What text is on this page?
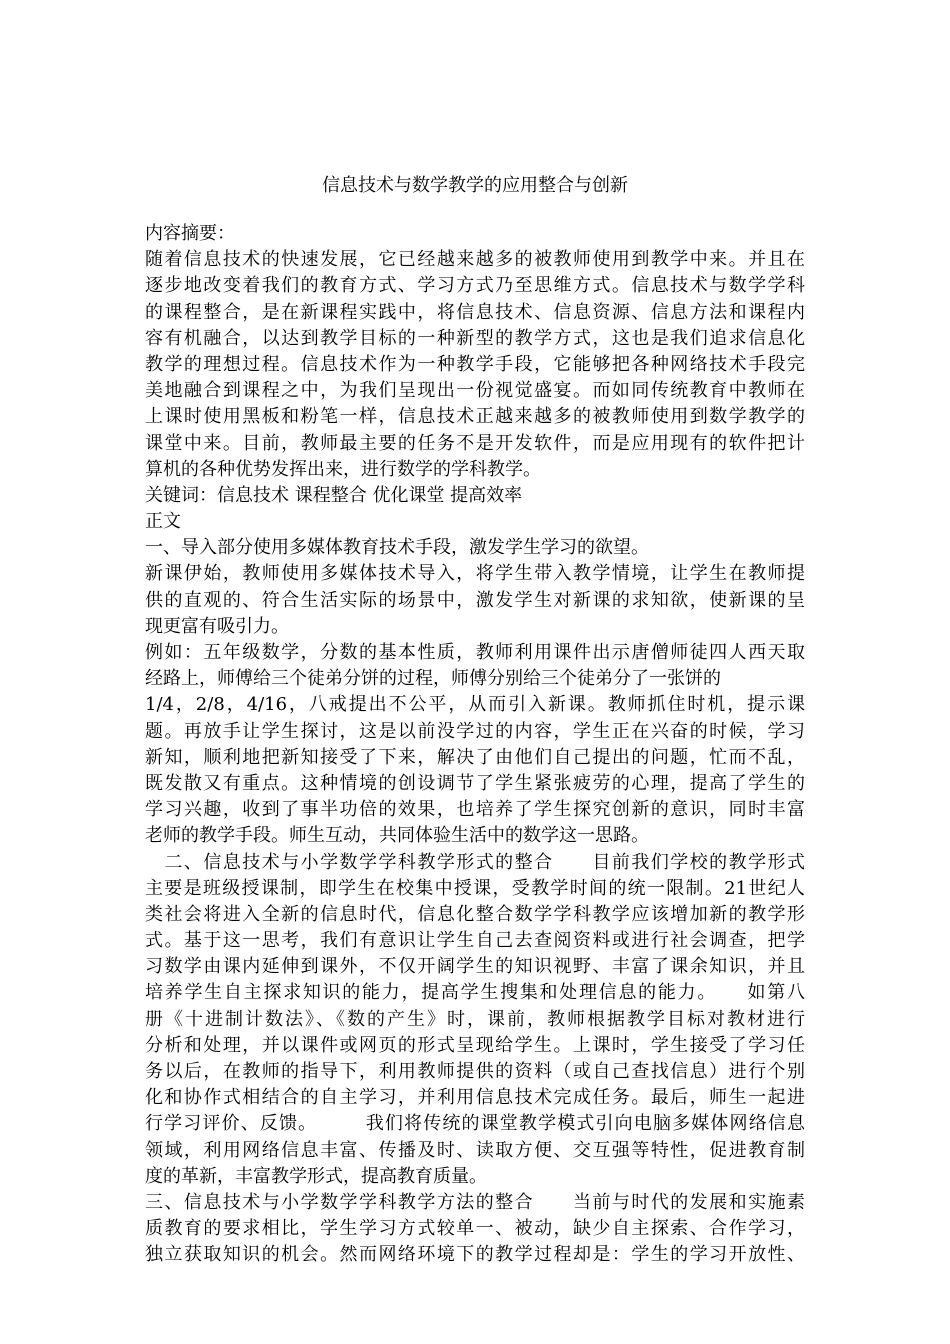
信息技术与数学教学的应用整合与创新
内容摘要：
随着信息技术的快速发展，它已经越来越多的被教师使用到教学中来。并且在
逐步地改变着我们的教育方式、学习方式乃至思维方式。信息技术与数学学科
的课程整合，是在新课程实践中，将信息技术、信息资源、信息方法和课程内
容有机融合，以达到教学目标的一种新型的教学方式，这也是我们追求信息化
教学的理想过程。信息技术作为一种教学手段，它能够把各种网络技术手段完
美地融合到课程之中，为我们呈现出一份视觉盛宴。而如同传统教育中教师在
上课时使用黑板和粉笔一样，信息技术正越来越多的被教师使用到数学教学的
课堂中来。目前，教师最主要的任务不是开发软件，而是应用现有的软件把计
算机的各种优势发挥出来，进行数学的学科教学。
关键词：信息技术 课程整合 优化课堂 提高效率
正文
一、导入部分使用多媒体教育技术手段，激发学生学习的欲望。
新课伊始，教师使用多媒体技术导入，将学生带入教学情境，让学生在教师提
供的直观的、符合生活实际的场景中，激发学生对新课的求知欲，使新课的呈
现更富有吸引力。
例如：五年级数学，分数的基本性质，教师利用课件出示唐僧师徒四人西天取
经路上，师傅给三个徒弟分饼的过程，师傅分别给三个徒弟分了一张饼的
1/4，2/8，4/16，八戒提出不公平，从而引入新课。教师抓住时机，提示课
题。再放手让学生探讨，这是以前没学过的内容，学生正在兴奋的时候，学习
新知，顺利地把新知接受了下来，解决了由他们自己提出的问题，忙而不乱，
既发散又有重点。这种情境的创设调节了学生紧张疲劳的心理，提高了学生的
学习兴趣，收到了事半功倍的效果，也培养了学生探究创新的意识，同时丰富
老师的教学手段。师生互动，共同体验生活中的数学这一思路。
　二、信息技术与小学数学学科教学形式的整合　　目前我们学校的教学形式
主要是班级授课制，即学生在校集中授课，受教学时间的统一限制。21世纪人
类社会将进入全新的信息时代，信息化整合数学学科教学应该增加新的教学形
式。基于这一思考，我们有意识让学生自己去查阅资料或进行社会调查，把学
习数学由课内延伸到课外，不仅开阔学生的知识视野、丰富了课余知识，并且
培养学生自主探求知识的能力，提高学生搜集和处理信息的能力。　　如第八
册《十进制计数法》、《数的产生》时，课前，教师根据教学目标对教材进行
分析和处理，并以课件或网页的形式呈现给学生。上课时，学生接受了学习任
务以后，在教师的指导下，利用教师提供的资料（或自己查找信息）进行个别
化和协作式相结合的自主学习，并利用信息技术完成任务。最后，师生一起进
行学习评价、反馈。　　　我们将传统的课堂教学模式引向电脑多媒体网络信息
领域，利用网络信息丰富、传播及时、读取方便、交互强等特性，促进教育制
度的革新，丰富教学形式，提高教育质量。
三、信息技术与小学数学学科教学方法的整合　　当前与时代的发展和实施素
质教育的要求相比，学生学习方式较单一、被动，缺少自主探索、合作学习，
独立获取知识的机会。然而网络环境下的教学过程却是：学生的学习开放性、
